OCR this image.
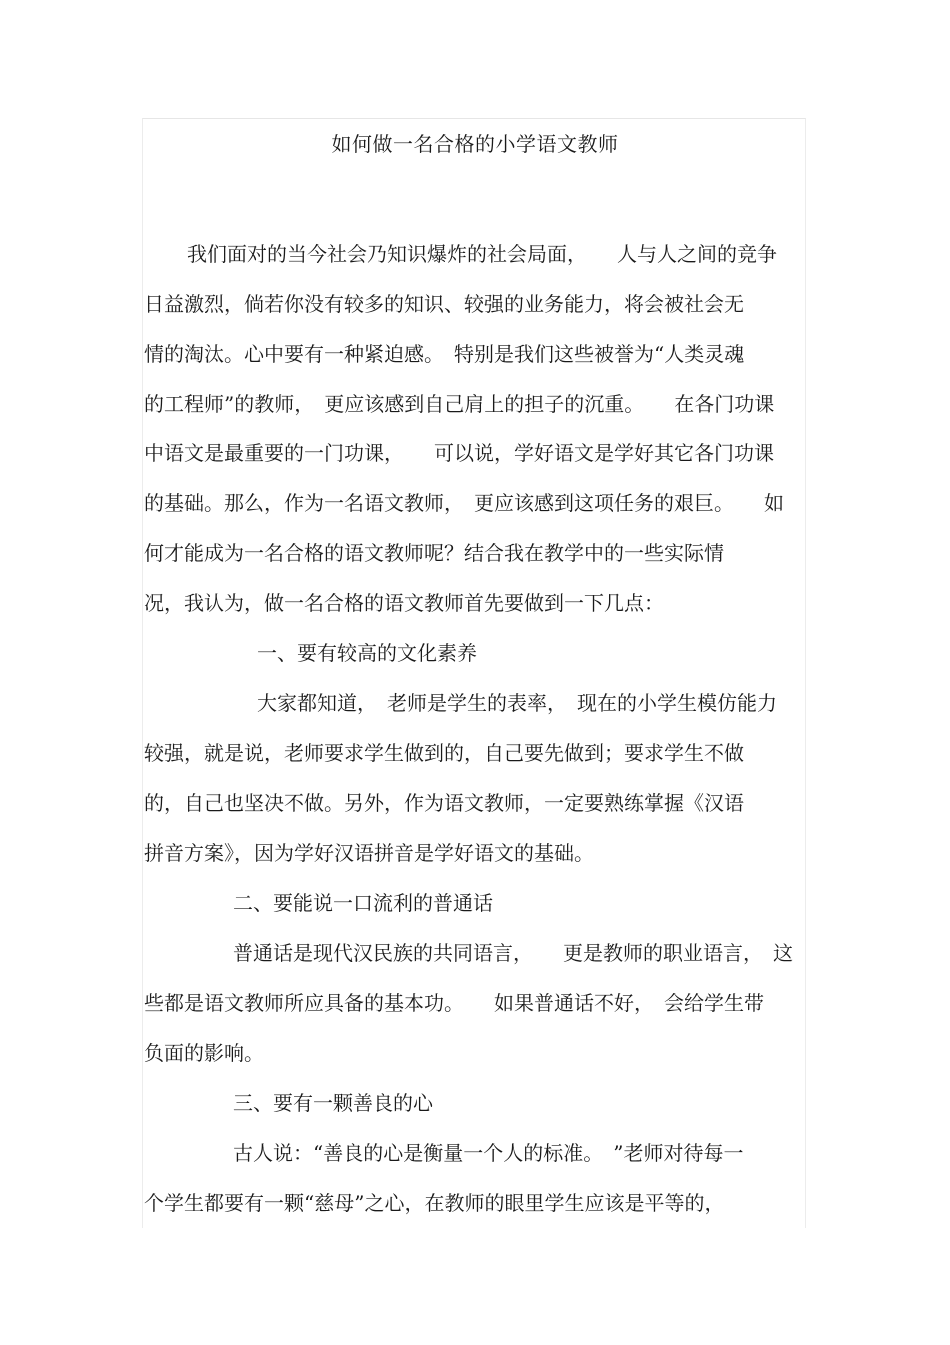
如何做一名合格的小学语文教师
我们面对的当今社会乃知识爆炸的社会局面，　　人与人之间的竞争
日益激烈，倘若你没有较多的知识、较强的业务能力，将会被社会无
情的淘汰。心中要有一种紧迫感。　特别是我们这些被誉为“人类灵魂
的工程师”的教师，　更应该感到自己肩上的担子的沉重。　　在各门功课
中语文是最重要的一门功课，　　可以说，学好语文是学好其它各门功课
的基础。那么，作为一名语文教师，　更应该感到这项任务的艰巨。　　如
何才能成为一名合格的语文教师呢？结合我在教学中的一些实际情
况，我认为，做一名合格的语文教师首先要做到一下几点：
一、要有较高的文化素养
大家都知道，　老师是学生的表率，　现在的小学生模仿能力
较强，就是说，老师要求学生做到的，自己要先做到；要求学生不做
的，自己也坚决不做。另外，作为语文教师，一定要熟练掌握《汉语
拼音方案》，因为学好汉语拼音是学好语文的基础。
二、要能说一口流利的普通话
普通话是现代汉民族的共同语言，　　更是教师的职业语言，　这
些都是语文教师所应具备的基本功。　　如果普通话不好，　会给学生带
负面的影响。
三、要有一颗善良的心
古人说：“善良的心是衡量一个人的标准。　”老师对待每一
个学生都要有一颗“慈母”之心，在教师的眼里学生应该是平等的，
